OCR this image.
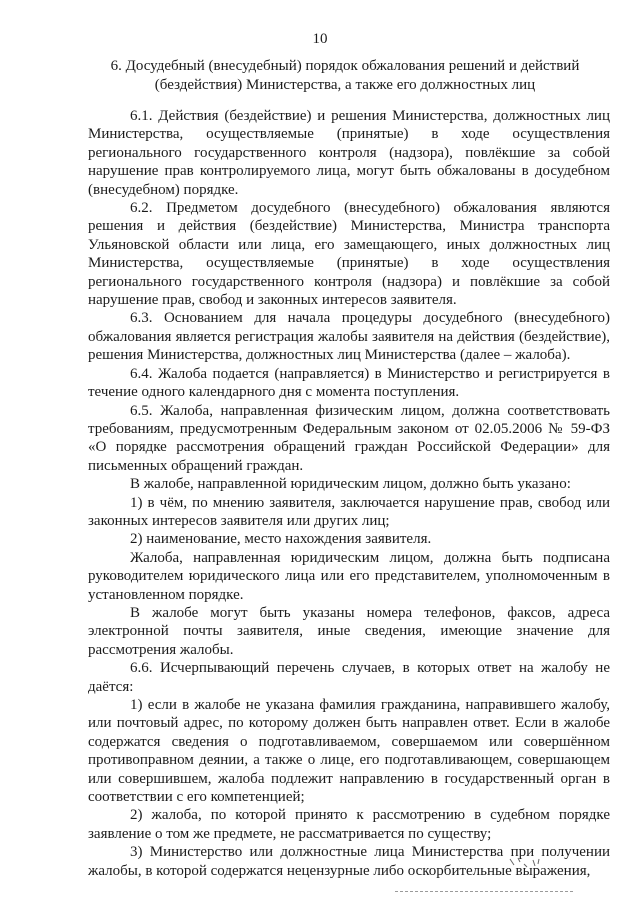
10
6. Досудебный (внесудебный) порядок обжалования решений и действий (бездействия) Министерства, а также его должностных лиц

6.1. Действия (бездействие) и решения Министерства, должностных лиц Министерства, осуществляемые (принятые) в ходе осуществления регионального государственного контроля (надзора), повлёкшие за собой нарушение прав контролируемого лица, могут быть обжалованы в досудебном (внесудебном) порядке.

6.2. Предметом досудебного (внесудебного) обжалования являются решения и действия (бездействие) Министерства, Министра транспорта Ульяновской области или лица, его замещающего, иных должностных лиц Министерства, осуществляемые (принятые) в ходе осуществления регионального государственного контроля (надзора) и повлёкшие за собой нарушение прав, свобод и законных интересов заявителя.

6.3. Основанием для начала процедуры досудебного (внесудебного) обжалования является регистрация жалобы заявителя на действия (бездействие), решения Министерства, должностных лиц Министерства (далее – жалоба).

6.4. Жалоба подается (направляется) в Министерство и регистрируется в течение одного календарного дня с момента поступления.

6.5. Жалоба, направленная физическим лицом, должна соответствовать требованиям, предусмотренным Федеральным законом от 02.05.2006 № 59-ФЗ «О порядке рассмотрения обращений граждан Российской Федерации» для письменных обращений граждан.

В жалобе, направленной юридическим лицом, должно быть указано:

1) в чём, по мнению заявителя, заключается нарушение прав, свобод или законных интересов заявителя или других лиц;

2) наименование, место нахождения заявителя.

Жалоба, направленная юридическим лицом, должна быть подписана руководителем юридического лица или его представителем, уполномоченным в установленном порядке.

В жалобе могут быть указаны номера телефонов, факсов, адреса электронной почты заявителя, иные сведения, имеющие значение для рассмотрения жалобы.

6.6. Исчерпывающий перечень случаев, в которых ответ на жалобу не даётся:

1) если в жалобе не указана фамилия гражданина, направившего жалобу, или почтовый адрес, по которому должен быть направлен ответ. Если в жалобе содержатся сведения о подготавливаемом, совершаемом или совершённом противоправном деянии, а также о лице, его подготавливающем, совершающем или совершившем, жалоба подлежит направлению в государственный орган в соответствии с его компетенцией;

2) жалоба, по которой принято к рассмотрению в судебном порядке заявление о том же предмете, не рассматривается по существу;

3) Министерство или должностные лица Министерства при получении жалобы, в которой содержатся нецензурные либо оскорбительные выражения,
